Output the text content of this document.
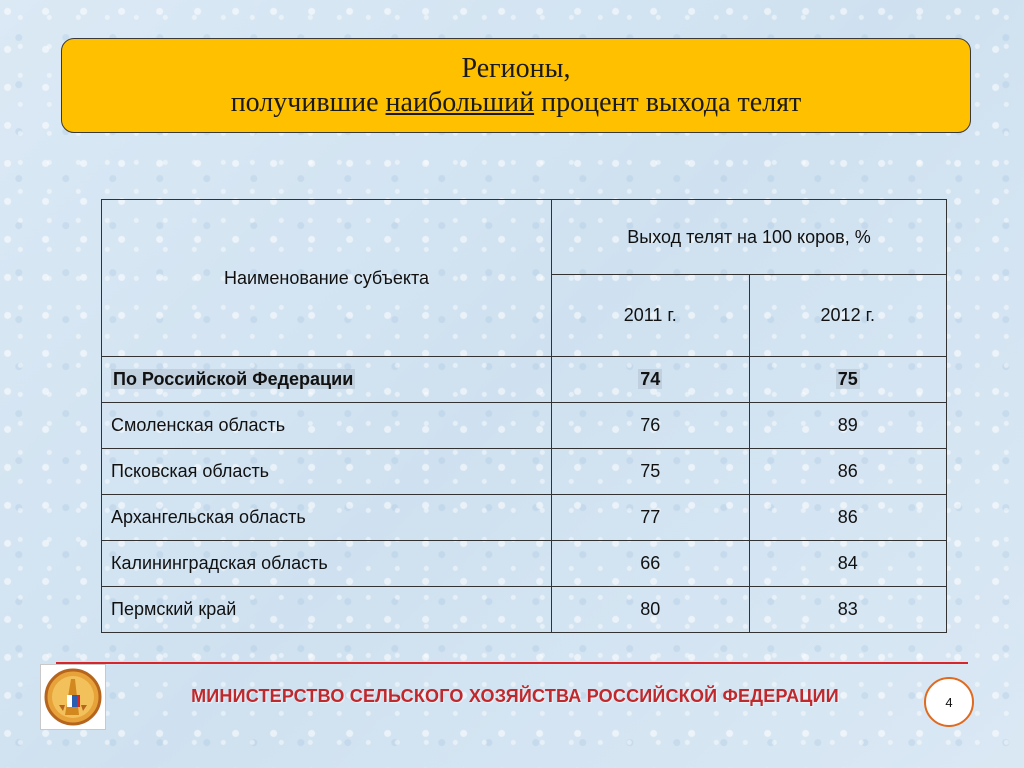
Регионы,
получившие наибольший процент выхода телят
Наименование субъекта	Выход телят на 100 коров, %	
	2011 г.	2012 г.
По Российской Федерации	74	75
Смоленская область	76	89
Псковская область	75	86
Архангельская область	77	86
Калининградская область	66	84
Пермский край	80	83
МИНИСТЕРСТВО СЕЛЬСКОГО ХОЗЯЙСТВА РОССИЙСКОЙ ФЕДЕРАЦИИ	4
